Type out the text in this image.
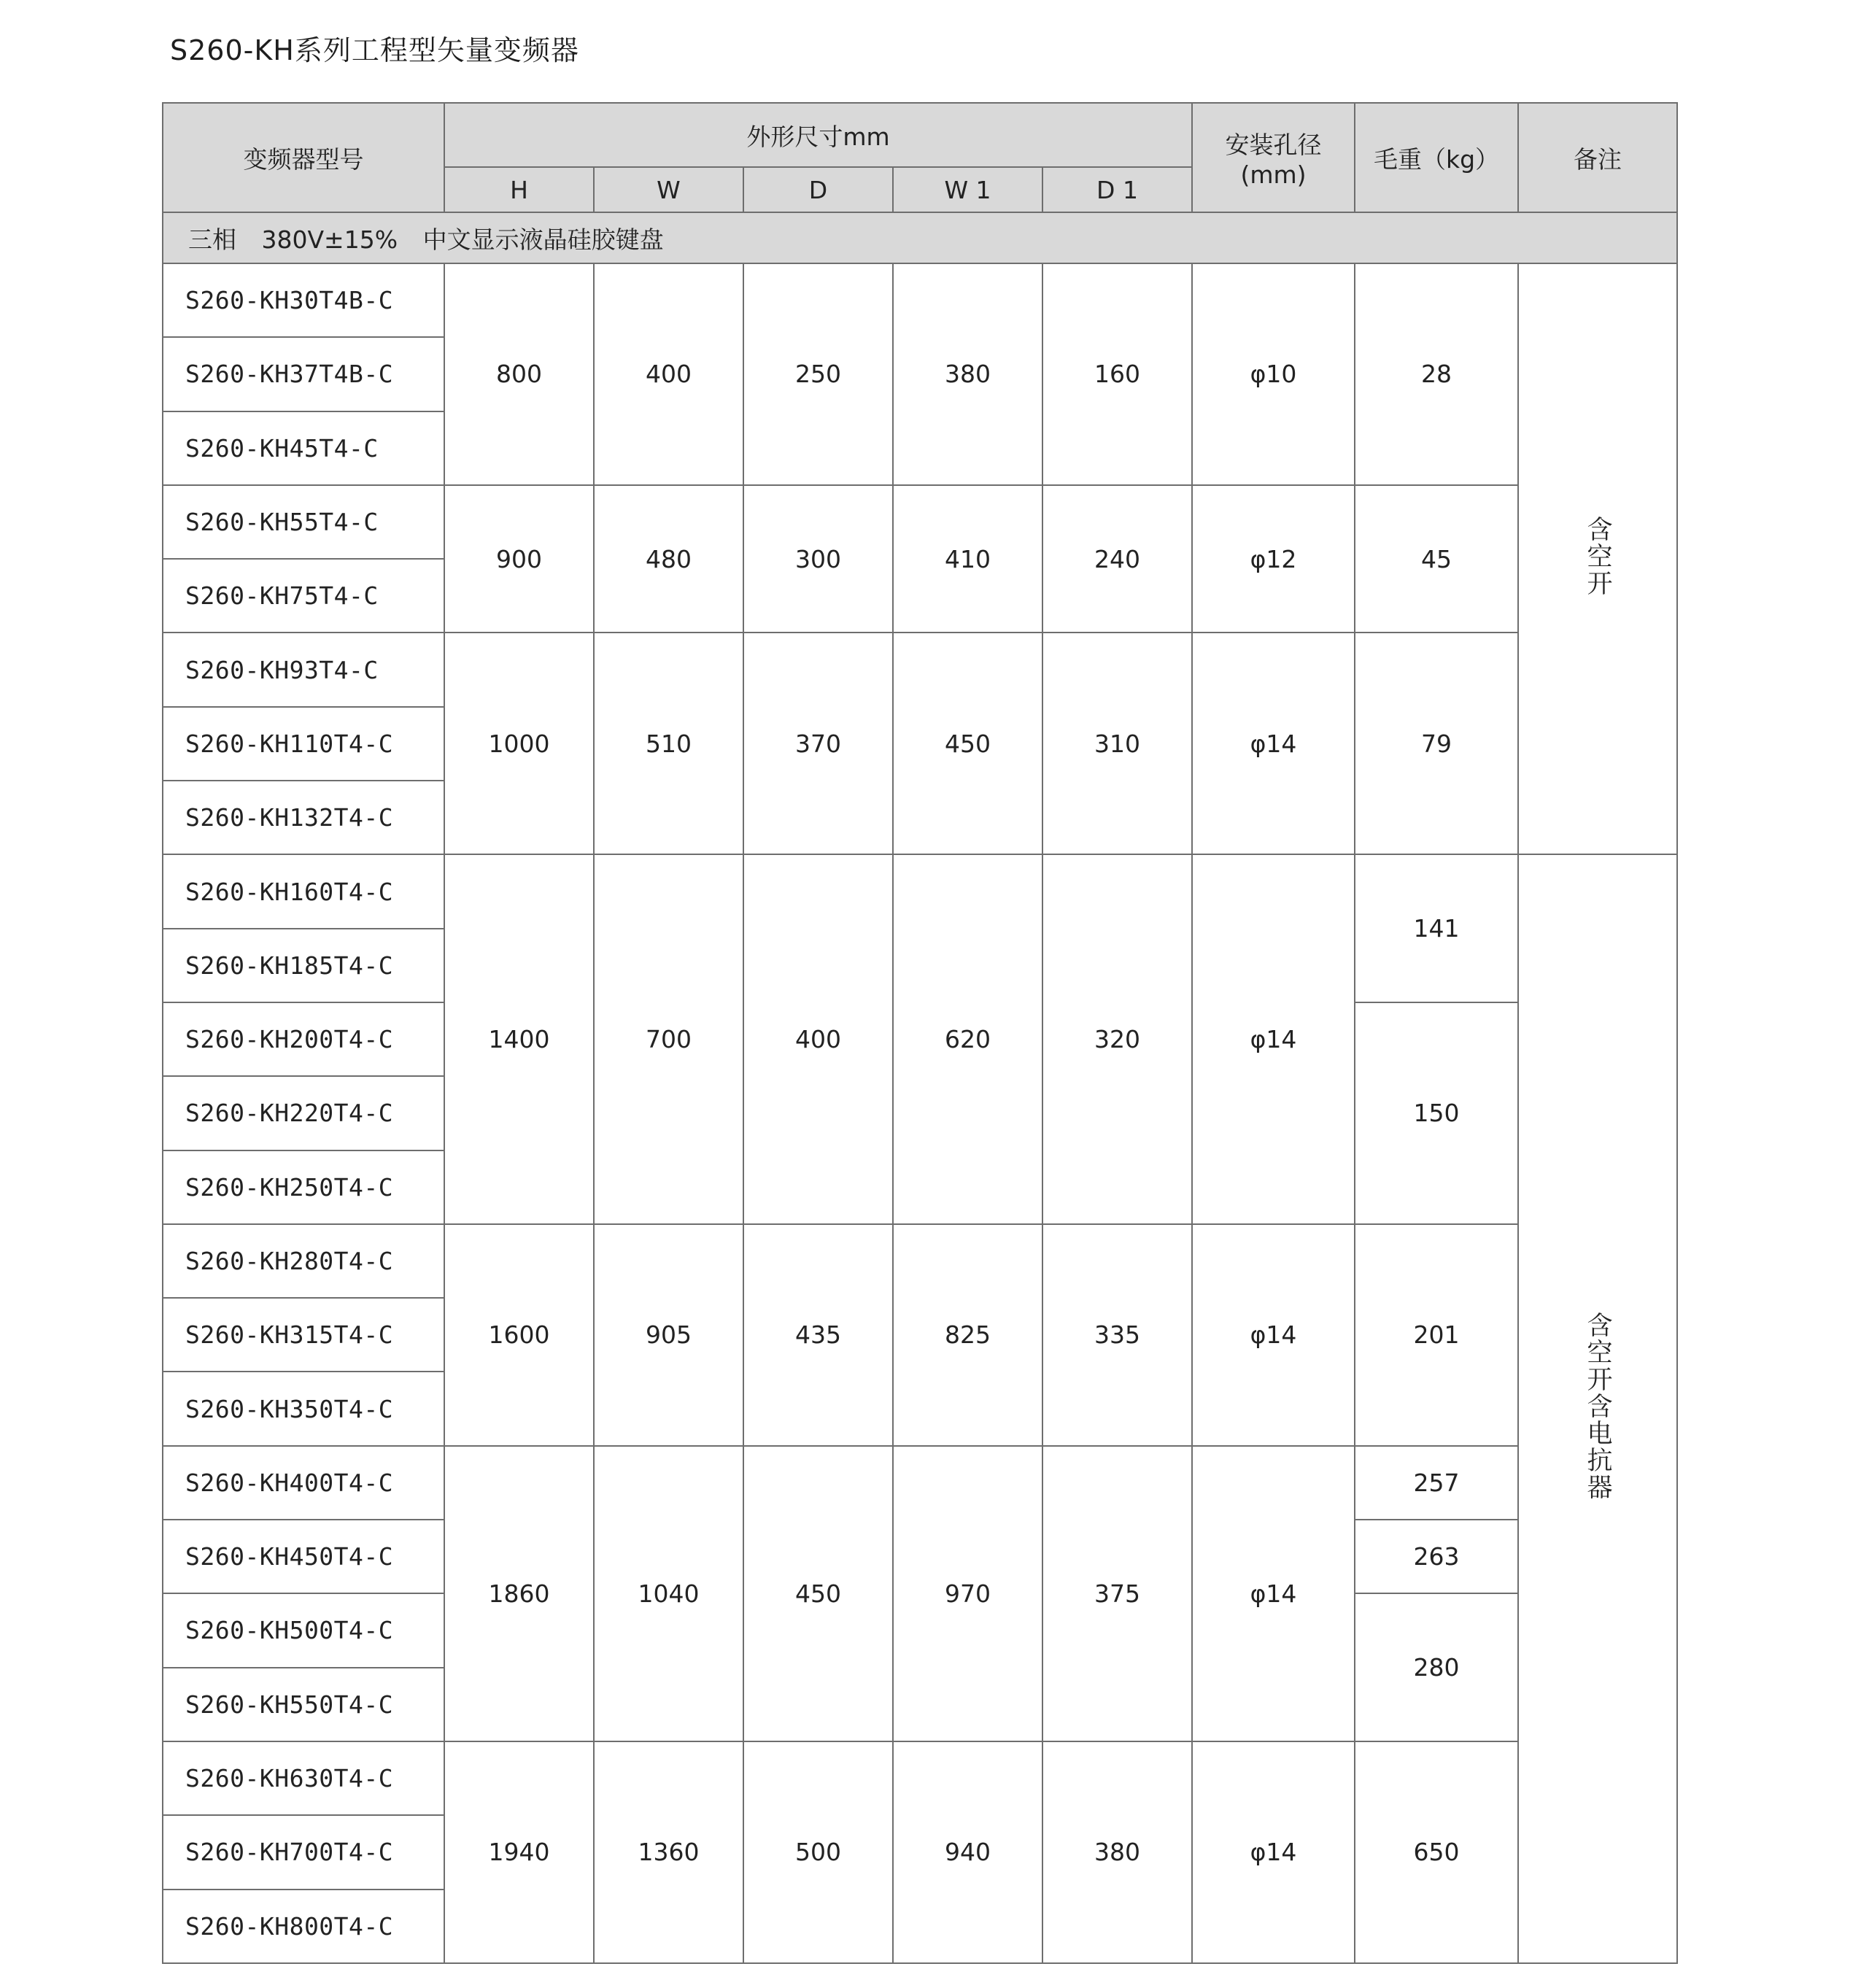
S260-KH系列工程型矢量变频器
变频器型号	外形尺寸mm					安装孔径(mm)	毛重（kg）	备注
	H	W	D	W 1	D 1			
三相 380V±15% 中文显示液晶硅胶键盘								
S260-KH30T4B-C	800	400	250	380	160	φ10	28	含空开
S260-KH37T4B-C								
S260-KH45T4-C								
S260-KH55T4-C	900	480	300	410	240	φ12	45	
S260-KH75T4-C								
S260-KH93T4-C	1000	510	370	450	310	φ14	79	
S260-KH110T4-C								
S260-KH132T4-C								
S260-KH160T4-C	1400	700	400	620	320	φ14	141	含空开含电抗器
S260-KH185T4-C								
S260-KH200T4-C							150	
S260-KH220T4-C								
S260-KH250T4-C								
S260-KH280T4-C	1600	905	435	825	335	φ14	201	
S260-KH315T4-C								
S260-KH350T4-C								
S260-KH400T4-C	1860	1040	450	970	375	φ14	257	
S260-KH450T4-C							263	
S260-KH500T4-C							280	
S260-KH550T4-C								
S260-KH630T4-C	1940	1360	500	940	380	φ14	650	
S260-KH700T4-C								
S260-KH800T4-C								
